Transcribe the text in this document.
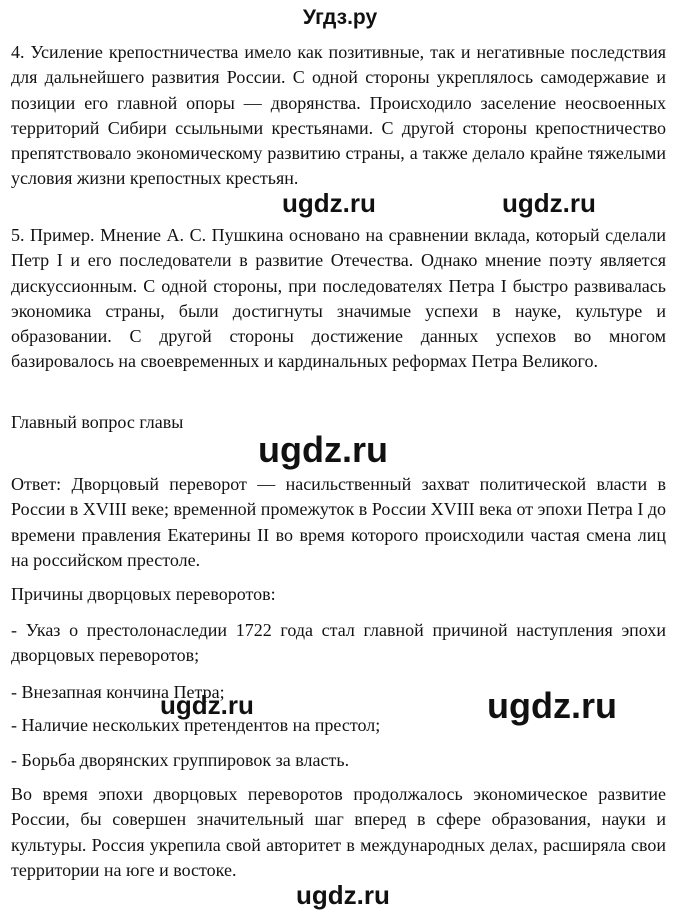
Угдз.ру

4. Усиление крепостничества имело как позитивные, так и негативные последствия для дальнейшего развития России. С одной стороны укреплялось самодержавие и позиции его главной опоры — дворянства. Происходило заселение неосвоенных территорий Сибири ссыльными крестьянами. С другой стороны крепостничество препятствовало экономическому развитию страны, а также делало крайне тяжелыми условия жизни крепостных крестьян.

5. Пример. Мнение А. С. Пушкина основано на сравнении вклада, который сделали Петр I и его последователи в развитие Отечества. Однако мнение поэту является дискуссионным. С одной стороны, при последователях Петра I быстро развивалась экономика страны, были достигнуты значимые успехи в науке, культуре и образовании. С другой стороны достижение данных успехов во многом базировалось на своевременных и кардинальных реформах Петра Великого.

Главный вопрос главы

Ответ: Дворцовый переворот — насильственный захват политической власти в России в XVIII веке; временной промежуток в России XVIII века от эпохи Петра I до времени правления Екатерины II во время которого происходили частая смена лиц на российском престоле.

Причины дворцовых переворотов:

- Указ о престолонаследии 1722 года стал главной причиной наступления эпохи дворцовых переворотов;

- Внезапная кончина Петра;
- Наличие нескольких претендентов на престол;
- Борьба дворянских группировок за власть.

Во время эпохи дворцовых переворотов продолжалось экономическое развитие России, бы совершен значительный шаг вперед в сфере образования, науки и культуры. Россия укрепила свой авторитет в международных делах, расширяла свои территории на юге и востоке.

ugdz.ru	ugdz.ru
ugdz.ru
ugdz.ru	ugdz.ru
ugdz.ru
